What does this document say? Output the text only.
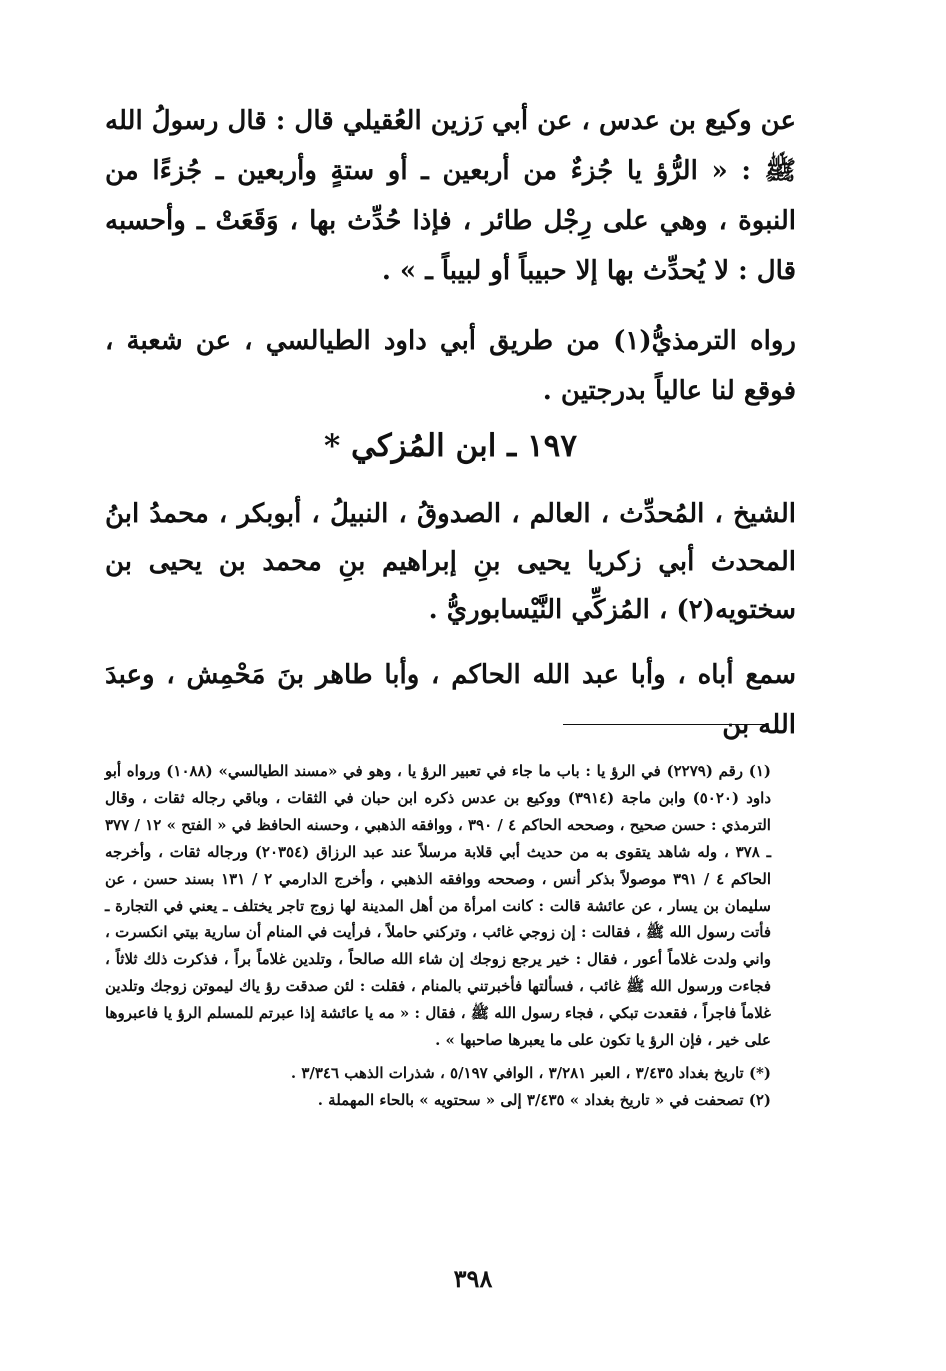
عن وكيع بن عدس ، عن أبي رَزين العُقيلي قال : قال رسولُ الله ﷺ : « الرُّؤ يا جُزءٌ من أربعين ـ أو ستةٍ وأربعين ـ جُزءًا من النبوة ، وهي على رِجْل طائر ، فإذا حُدِّث بها ، وَقَعَتْ ـ وأحسبه قال : لا يُحدِّث بها إلا حبيباً أو لبيباً ـ » .

رواه الترمذيُّ(١) من طريق أبي داود الطيالسي ، عن شعبة ، فوقع لنا عالياً بدرجتين .

١٩٧ ـ ابن المُزكي *

الشيخ ، المُحدِّث ، العالم ، الصدوقُ ، النبيلُ ، أبوبكر ، محمدُ ابنُ المحدث أبي زكريا يحيى بنِ إبراهيم بنِ محمد بن يحيى بن سختويه(٢) ، المُزكِّي النَّيْسابوريُّ .

سمع أباه ، وأبا عبد الله الحاكم ، وأبا طاهر بنَ مَحْمِش ، وعبدَ الله بن

(١) رقم (٢٢٧٩) في الرؤ يا : باب ما جاء في تعبير الرؤ يا ، وهو في «مسند الطيالسي» (١٠٨٨) ورواه أبو داود (٥٠٢٠) وابن ماجة (٣٩١٤) ووكيع بن عدس ذكره ابن حبان في الثقات ، وباقي رجاله ثقات ، وقال الترمذي : حسن صحيح ، وصححه الحاكم ٤ / ٣٩٠ ، ووافقه الذهبي ، وحسنه الحافظ في « الفتح » ١٢ / ٣٧٧ ـ ٣٧٨ ، وله شاهد يتقوى به من حديث أبي قلابة مرسلاً عند عبد الرزاق (٢٠٣٥٤) ورجاله ثقات ، وأخرجه الحاكم ٤ / ٣٩١ موصولاً بذكر أنس ، وصححه ووافقه الذهبي ، وأخرج الدارمي ٢ / ١٣١ بسند حسن ، عن سليمان بن يسار ، عن عائشة قالت : كانت امرأة من أهل المدينة لها زوج تاجر يختلف ـ يعني في التجارة ـ فأتت رسول الله ﷺ ، فقالت : إن زوجي غائب ، وتركني حاملاً ، فرأيت في المنام أن سارية بيتي انكسرت ، واني ولدت غلاماً أعور ، فقال : خير يرجع زوجك إن شاء الله صالحاً ، وتلدين غلاماً براً ، فذكرت ذلك ثلاثاً ، فجاءت ورسول الله ﷺ غائب ، فسألتها فأخبرتني بالمنام ، فقلت : لئن صدقت رؤ ياك ليموتن زوجك وتلدين غلاماً فاجراً ، فقعدت تبكي ، فجاء رسول الله ﷺ ، فقال : « مه يا عائشة إذا عبرتم للمسلم الرؤ يا فاعبروها على خير ، فإن الرؤ يا تكون على ما يعبرها صاحبها » .

(*) تاريخ بغداد ٣/٤٣٥ ، العبر ٣/٢٨١ ، الوافي ٥/١٩٧ ، شذرات الذهب ٣/٣٤٦ .

(٢) تصحفت في « تاريخ بغداد » ٣/٤٣٥ إلى « سحتويه » بالحاء المهملة .

٣٩٨
